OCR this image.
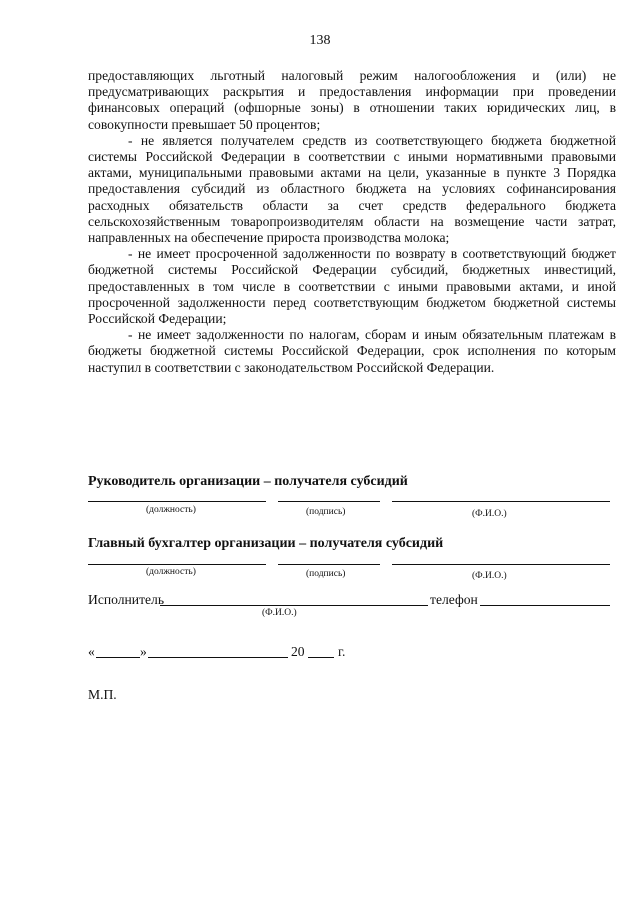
138

предоставляющих льготный налоговый режим налогообложения и (или) не предусматривающих раскрытия и предоставления информации при проведении финансовых операций (офшорные зоны) в отношении таких юридических лиц, в совокупности превышает 50 процентов;

- не является получателем средств из соответствующего бюджета бюджетной системы Российской Федерации в соответствии с иными нормативными правовыми актами, муниципальными правовыми актами на цели, указанные в пункте 3 Порядка предоставления субсидий из областного бюджета на условиях софинансирования расходных обязательств области за счет средств федерального бюджета сельскохозяйственным товаропроизводителям области на возмещение части затрат, направленных на обеспечение прироста производства молока;

- не имеет просроченной задолженности по возврату в соответствующий бюджет бюджетной системы Российской Федерации субсидий, бюджетных инвестиций, предоставленных в том числе в соответствии с иными правовыми актами, и иной просроченной задолженности перед соответствующим бюджетом бюджетной системы Российской Федерации;

- не имеет задолженности по налогам, сборам и иным обязательным платежам в бюджеты бюджетной системы Российской Федерации, срок исполнения по которым наступил в соответствии с законодательством Российской Федерации.

Руководитель организации – получателя субсидий
(должность)	(подпись)	(Ф.И.О.)
Главный бухгалтер организации – получателя субсидий
(должность)	(подпись)	(Ф.И.О.)
Исполнитель	телефон
(Ф.И.О.)
«	»	20 г.
М.П.
